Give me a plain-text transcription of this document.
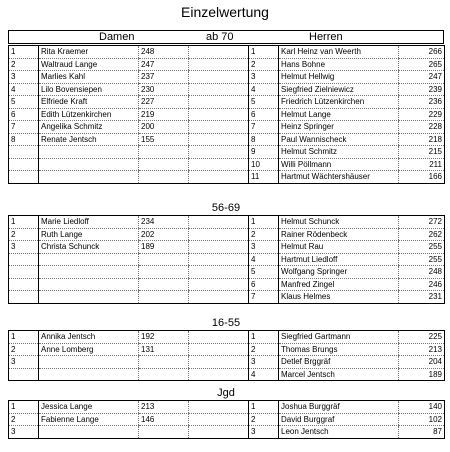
Einzelwertung
Damen	ab 70	Herren
1	Rita Kraemer	248		1	Karl Heinz van Weerth	266
2	Waltraud Lange	247		2	Hans Bohne	265
3	Marlies Kahl	237		3	Helmut Hellwig	247
4	Lilo Bovensiepen	230		4	Siegfried Zielniewicz	239
5	Elfriede Kraft	227		5	Friedrich Lützenkirchen	236
6	Edith Lützenkirchen	219		6	Helmut Lange	229
7	Angelika Schmitz	200		7	Heinz Springer	228
8	Renate Jentsch	155		8	Paul Wannischeck	218
				9	Helmut Schmitz	215
				10	Willi Pöllmann	211
				11	Hartmut Wächtershäuser	166
56-69
1	Marie Liedloff	234		1	Helmut Schunck	272
2	Ruth Lange	202		2	Rainer Rödenbeck	262
3	Christa Schunck	189		3	Helmut Rau	255
				4	Hartmut Liedloff	255
				5	Wolfgang Springer	248
				6	Manfred Zingel	246
				7	Klaus Helmes	231
16-55
1	Annika Jentsch	192		1	Siegfried Gartmann	225
2	Anne Lomberg	131		2	Thomas Brungs	213
3				3	Detlef Brggräf	204
				4	Marcel Jentsch	189
Jgd
1	Jessica Lange	213		1	Joshua Burggräf	140
2	Fabienne Lange	146		2	David Burggraf	102
3				3	Leon Jentsch	87
